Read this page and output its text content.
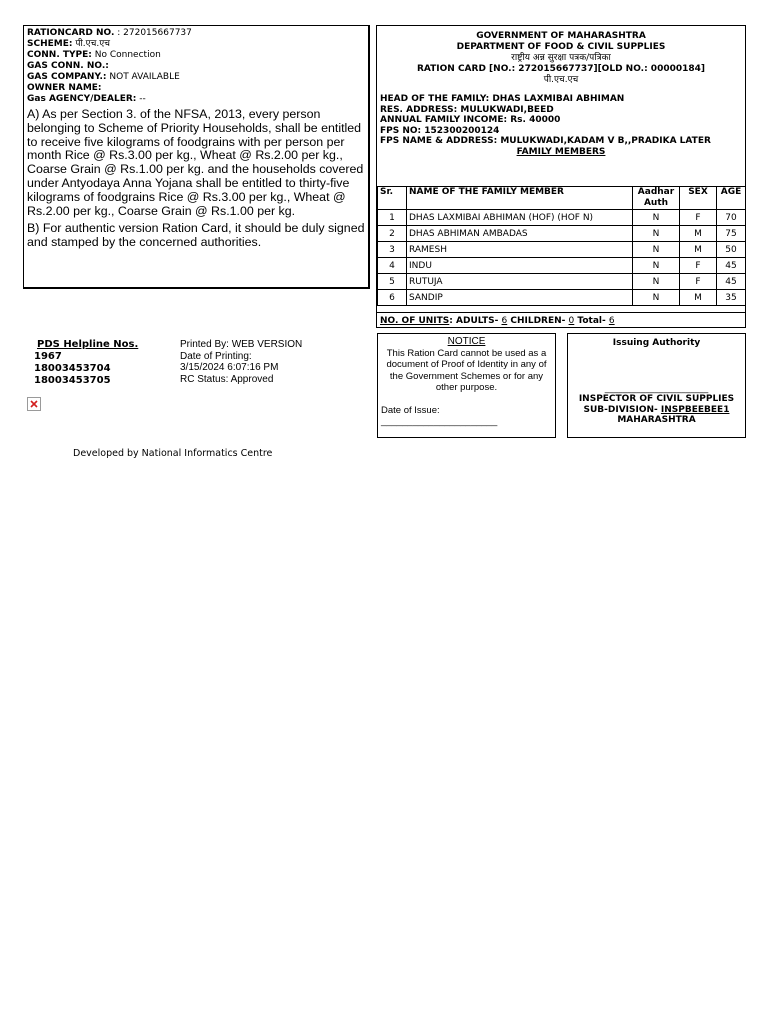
RATIONCARD NO. : 272015667737
SCHEME: पी.एच.एच
CONN. TYPE: No Connection
GAS CONN. NO.:
GAS COMPANY.: NOT AVAILABLE
OWNER NAME:
Gas AGENCY/DEALER: --
A) As per Section 3. of the NFSA, 2013, every person belonging to Scheme of Priority Households, shall be entitled to receive five kilograms of foodgrains with per person per month Rice @ Rs.3.00 per kg., Wheat @ Rs.2.00 per kg., Coarse Grain @ Rs.1.00 per kg. and the households covered under Antyodaya Anna Yojana shall be entitled to thirty-five kilograms of foodgrains Rice @ Rs.3.00 per kg., Wheat @ Rs.2.00 per kg., Coarse Grain @ Rs.1.00 per kg.
B) For authentic version Ration Card, it should be duly signed and stamped by the concerned authorities.
GOVERNMENT OF MAHARASHTRA
DEPARTMENT OF FOOD & CIVIL SUPPLIES
राष्ट्रीय अन्न सुरक्षा पत्रक/पत्रिका
RATION CARD [NO.: 272015667737][OLD NO.: 00000184]
पी.एच.एच
HEAD OF THE FAMILY: DHAS LAXMIBAI ABHIMAN
RES. ADDRESS: MULUKWADI,BEED
ANNUAL FAMILY INCOME: Rs. 40000
FPS NO: 152300200124
FPS NAME & ADDRESS: MULUKWADI,KADAM V B,,PRADIKA LATER
FAMILY MEMBERS
Sr.	NAME OF THE FAMILY MEMBER	Aadhar Auth	SEX	AGE
1	DHAS LAXMIBAI ABHIMAN (HOF) (HOF N)	N	F	70
2	DHAS ABHIMAN AMBADAS	N	M	75
3	RAMESH	N	M	50
4	INDU	N	F	45
5	RUTUJA	N	F	45
6	SANDIP	N	M	35
NO. OF UNITS: ADULTS- 6 CHILDREN- 0 Total- 6
PDS Helpline Nos.
1967
18003453704
18003453705
Printed By: WEB VERSION
Date of Printing:
3/15/2024 6:07:16 PM
RC Status: Approved
Developed by National Informatics Centre
NOTICE
This Ration Card cannot be used as a document of Proof of Identity in any of the Government Schemes or for any other purpose.
Date of Issue:
______________________
Issuing Authority
_______________________
INSPECTOR OF CIVIL SUPPLIES
SUB-DIVISION- INSPBEEBEE1
MAHARASHTRA
